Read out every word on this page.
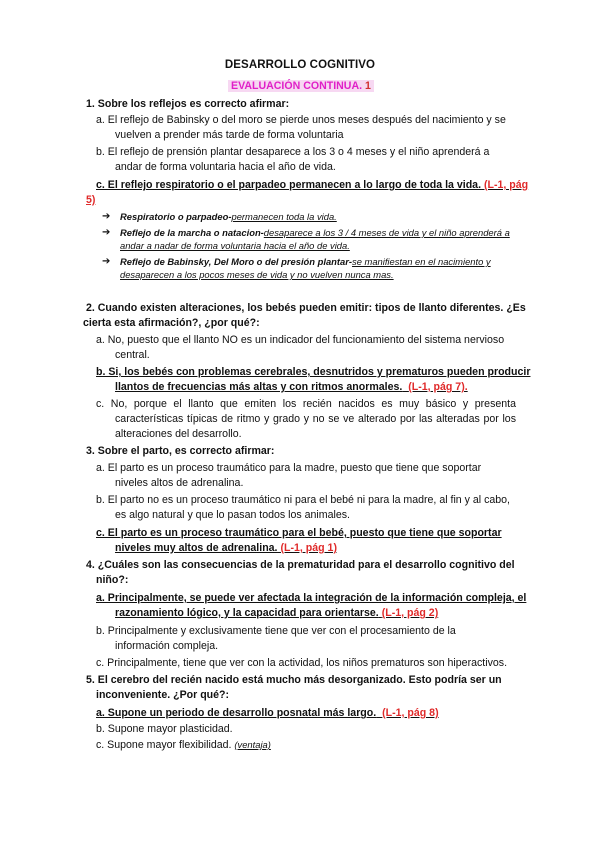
DESARROLLO COGNITIVO
EVALUACIÓN CONTINUA. 1
1. Sobre los reflejos es correcto afirmar:
a. El reflejo de Babinsky o del moro se pierde unos meses después del nacimiento y se
vuelven a prender más tarde de forma voluntaria
b. El reflejo de prensión plantar desaparece a los 3 o 4 meses y el niño aprenderá a
andar de forma voluntaria hacia el año de vida.
c. El reflejo respiratorio o el parpadeo permanecen a lo largo de toda la vida. (L-1, pág
5)
➔ Respiratorio o parpadeo-permanecen toda la vida.
➔ Reflejo de la marcha o natacion-desaparece a los 3 / 4 meses de vida y el niño aprenderá a
andar a nadar de forma voluntaria hacia el año de vida.
➔ Reflejo de Babinsky, Del Moro o del presión plantar-se manifiestan en el nacimiento y
desaparecen a los pocos meses de vida y no vuelven nunca mas.
2. Cuando existen alteraciones, los bebés pueden emitir: tipos de llanto diferentes. ¿Es
cierta esta afirmación?, ¿por qué?:
a. No, puesto que el llanto NO es un indicador del funcionamiento del sistema nervioso
central.
b. Si, los bebés con problemas cerebrales, desnutridos y prematuros pueden producir
llantos de frecuencias más altas y con ritmos anormales. (L-1, pág 7).
c. No, porque el llanto que emiten los recién nacidos es muy básico y presenta
características típicas de ritmo y grado y no se ve alterado por las alteradas por los
alteraciones del desarrollo.
3. Sobre el parto, es correcto afirmar:
a. El parto es un proceso traumático para la madre, puesto que tiene que soportar
niveles altos de adrenalina.
b. El parto no es un proceso traumático ni para el bebé ni para la madre, al fin y al cabo,
es algo natural y que lo pasan todos los animales.
c. El parto es un proceso traumático para el bebé, puesto que tiene que soportar
niveles muy altos de adrenalina. (L-1, pág 1)
4. ¿Cuáles son las consecuencias de la prematuridad para el desarrollo cognitivo del
niño?:
a. Principalmente, se puede ver afectada la integración de la información compleja, el
razonamiento lógico, y la capacidad para orientarse. (L-1, pág 2)
b. Principalmente y exclusivamente tiene que ver con el procesamiento de la
información compleja.
c. Principalmente, tiene que ver con la actividad, los niños prematuros son hiperactivos.
5. El cerebro del recién nacido está mucho más desorganizado. Esto podría ser un
inconveniente. ¿Por qué?:
a. Supone un periodo de desarrollo posnatal más largo. (L-1, pág 8)
b. Supone mayor plasticidad.
c. Supone mayor flexibilidad. (ventaja)
